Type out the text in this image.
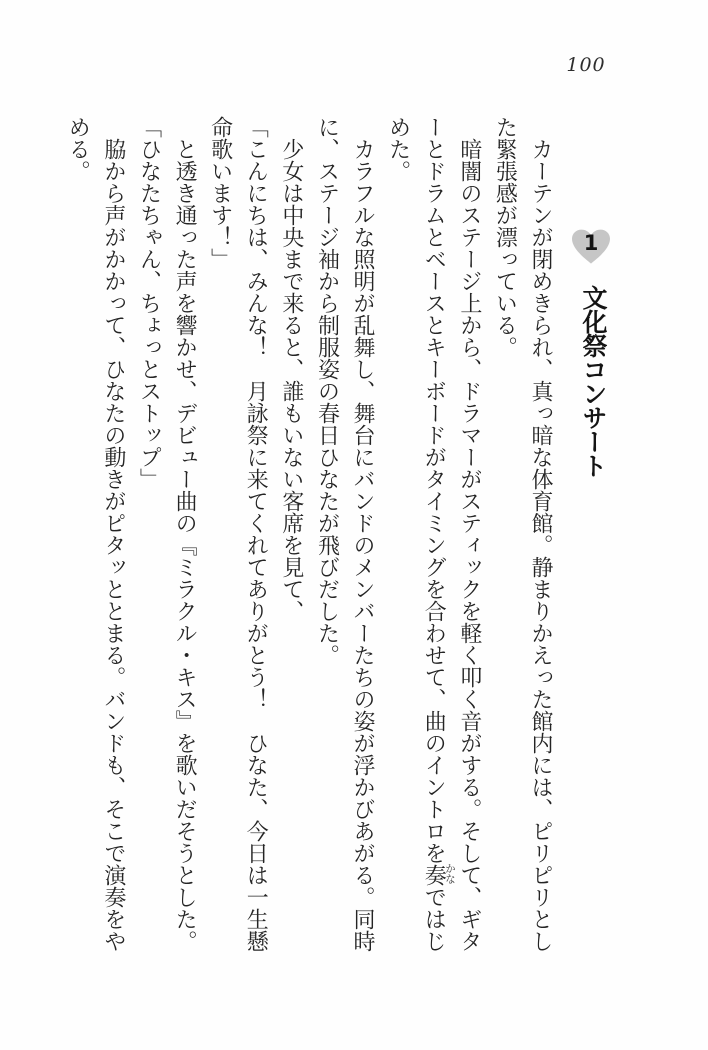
100
1
文化祭コンサート
カーテンが閉めきられ、真っ暗な体育館。静まりかえった館内には、ピリピリとし
た緊張感が漂っている。
暗闇のステージ上から、ドラマーがスティックを軽く叩く音がする。そして、ギタ
ーとドラムとベースとキーボードがタイミングを合わせて、曲のイントロを奏ではじ
めた。
カラフルな照明が乱舞し、舞台にバンドのメンバーたちの姿が浮かびあがる。同時
に、ステージ袖から制服姿の春日ひなたが飛びだした。
少女は中央まで来ると、誰もいない客席を見て、
「こんにちは、みんな！　月詠祭に来てくれてありがとう！　ひなた、今日は一生懸
命歌います！」
と透き通った声を響かせ、デビュー曲の『ミラクル・キス』を歌いだそうとした。
「ひなたちゃん、ちょっとストップ」
脇から声がかかって、ひなたの動きがピタッととまる。バンドも、そこで演奏をや
める。
かな
